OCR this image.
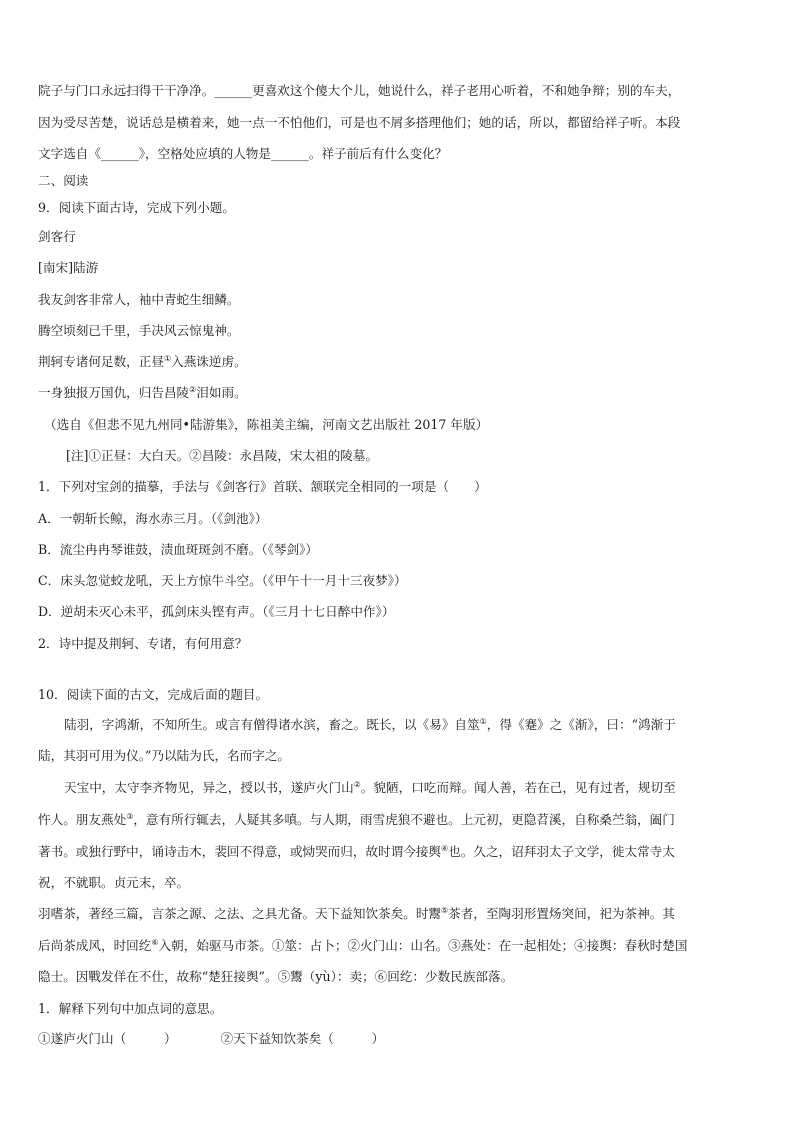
院子与门口永远扫得干干净净。______更喜欢这个傻大个儿，她说什么，祥子老用心听着，不和她争辩；别的车夫，
因为受尽苦楚，说话总是横着来，她一点一不怕他们，可是也不屑多搭理他们；她的话，所以，都留给祥子听。本段
文字选自《______》，空格处应填的人物是______。祥子前后有什么变化？
二、阅读
9．阅读下面古诗，完成下列小题。
剑客行
[南宋]陆游
我友剑客非常人，袖中青蛇生细鳞。
腾空顷刻已千里，手决风云惊鬼神。
荆轲专诸何足数，正昼①入燕诛逆虏。
一身独报万国仇，归告昌陵②泪如雨。
（选自《但悲不见九州同•陆游集》，陈祖美主编，河南文艺出版社 2017 年版）
[注]①正昼：大白天。②昌陵：永昌陵，宋太祖的陵墓。
1．下列对宝剑的描摹，手法与《剑客行》首联、颔联完全相同的一项是（　　）
A．一朝斩长鲸，海水赤三月。（《剑池》）
B．流尘冉冉琴谁鼓，渍血斑斑剑不磨。（《琴剑》）
C．床头忽觉蛟龙吼，天上方惊牛斗空。（《甲午十一月十三夜梦》）
D．逆胡未灭心未平，孤剑床头铿有声。（《三月十七日醉中作》）
2．诗中提及荆轲、专诸，有何用意？
10．阅读下面的古文，完成后面的题目。
陆羽，字鸿渐，不知所生。或言有僧得诸水滨，畜之。既长，以《易》自筮①，得《蹇》之《渐》，曰：“鸿渐于
陆，其羽可用为仪。”乃以陆为氏，名而字之。
天宝中，太守李齐物见，异之，授以书，遂庐火门山②。貌陋，口吃而辩。闻人善，若在己，见有过者，规切至
忤人。朋友燕处③，意有所行辄去，人疑其多嗔。与人期，雨雪虎狼不避也。上元初，更隐苕溪，自称桑苎翁，阖门
著书。或独行野中，诵诗击木，裴回不得意，或恸哭而归，故时谓今接舆④也。久之，诏拜羽太子文学，徙太常寺太
祝，不就职。贞元末，卒。
羽嗜茶，著经三篇，言茶之源、之法、之具尤备。天下益知饮茶矣。时鬻⑤茶者，至陶羽形置炀突间，祀为茶神。其
后尚茶成风，时回纥⑥入朝，始驱马市茶。①筮：占卜；②火门山：山名。③燕处：在一起相处；④接舆：春秋时楚国
隐士。因戰发佯在不仕，故称“楚狂接舆”。⑤鬻（yù）：卖；⑥回纥：少数民族部落。
1．解释下列句中加点词的意思。
①遂庐火门山（　　　）	②天下益知饮茶矣（　　　）
